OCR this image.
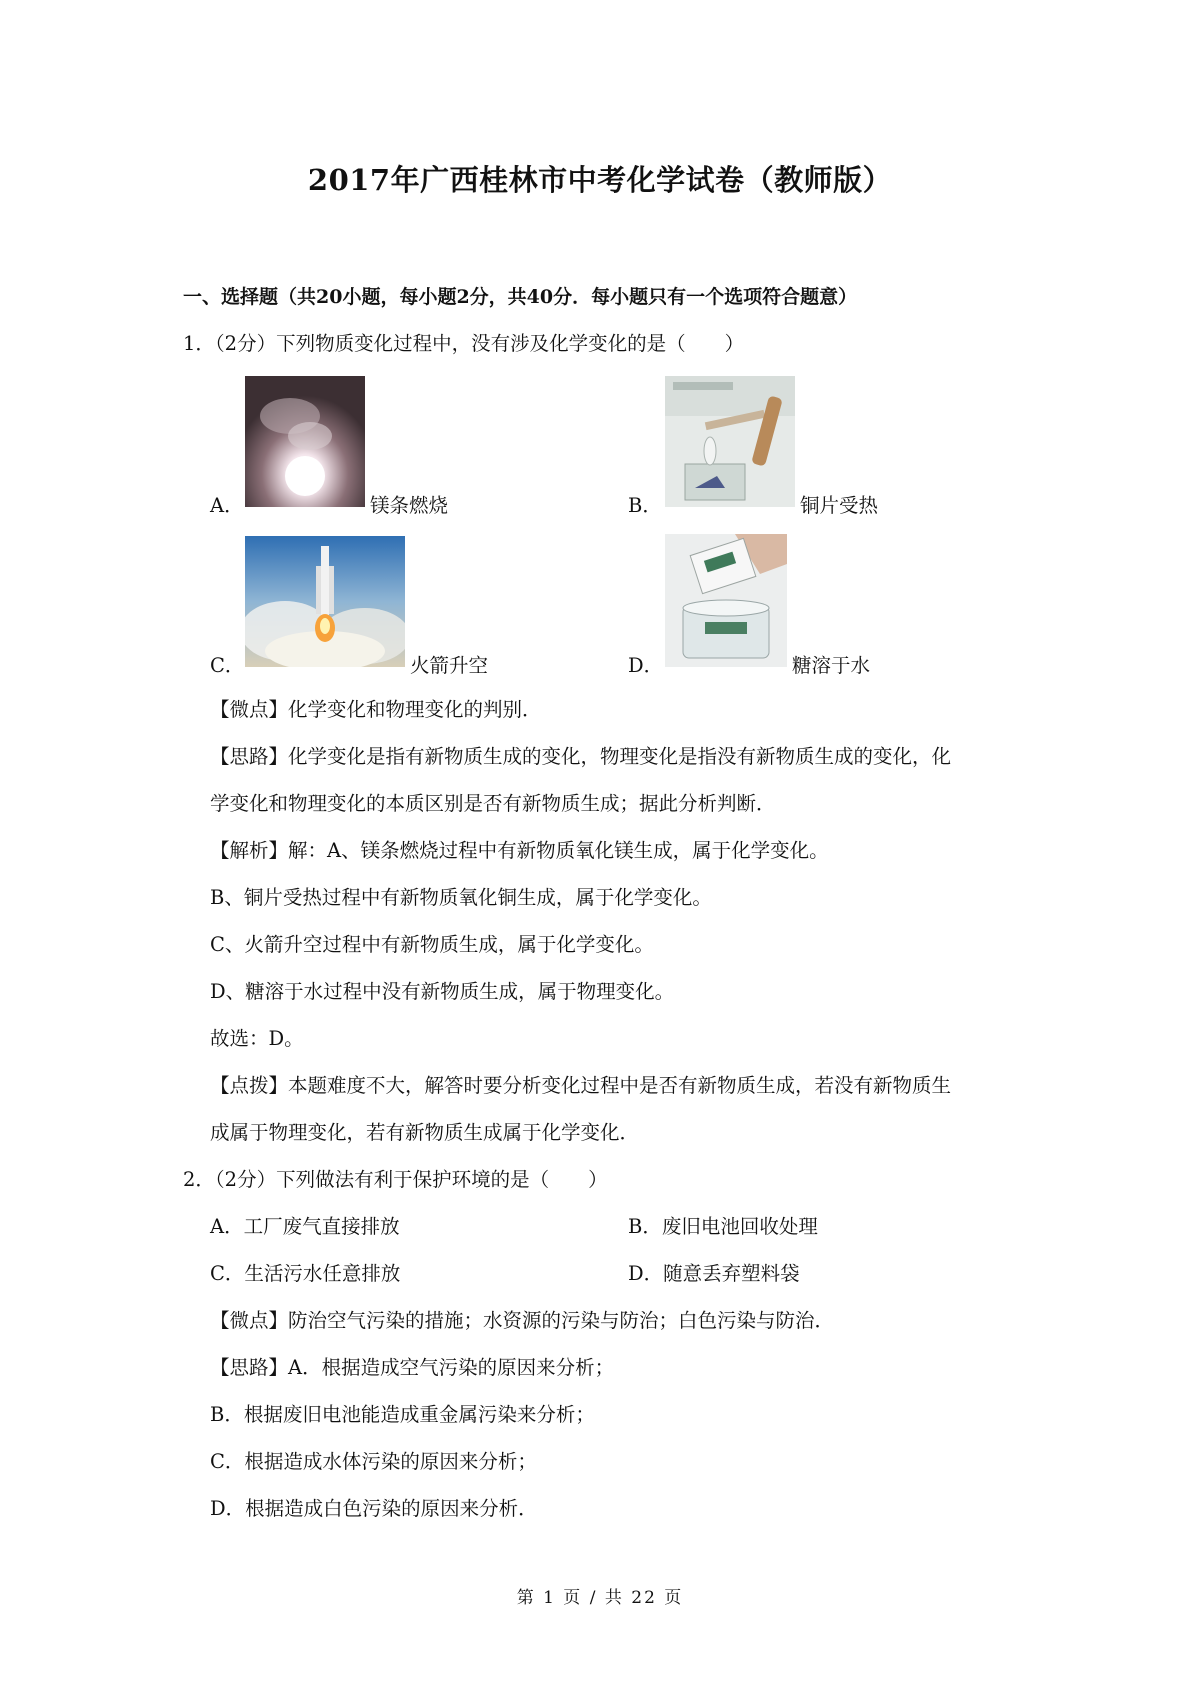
2017年广西桂林市中考化学试卷（教师版）
一、选择题（共20小题，每小题2分，共40分．每小题只有一个选项符合题意）
1．（2分）下列物质变化过程中，没有涉及化学变化的是（　　）
A．	镁条燃烧	B．	铜片受热
C．	火箭升空	D．	糖溶于水
【微点】化学变化和物理变化的判别．
【思路】化学变化是指有新物质生成的变化，物理变化是指没有新物质生成的变化，化
学变化和物理变化的本质区别是否有新物质生成；据此分析判断．
【解析】解：A、镁条燃烧过程中有新物质氧化镁生成，属于化学变化。
B、铜片受热过程中有新物质氧化铜生成，属于化学变化。
C、火箭升空过程中有新物质生成，属于化学变化。
D、糖溶于水过程中没有新物质生成，属于物理变化。
故选：D。
【点拨】本题难度不大，解答时要分析变化过程中是否有新物质生成，若没有新物质生
成属于物理变化，若有新物质生成属于化学变化．
2．（2分）下列做法有利于保护环境的是（　　）
A．工厂废气直接排放	B．废旧电池回收处理
C．生活污水任意排放	D．随意丢弃塑料袋
【微点】防治空气污染的措施；水资源的污染与防治；白色污染与防治．
【思路】A．根据造成空气污染的原因来分析；
B．根据废旧电池能造成重金属污染来分析；
C．根据造成水体污染的原因来分析；
D．根据造成白色污染的原因来分析．
第 1 页 / 共 22 页
